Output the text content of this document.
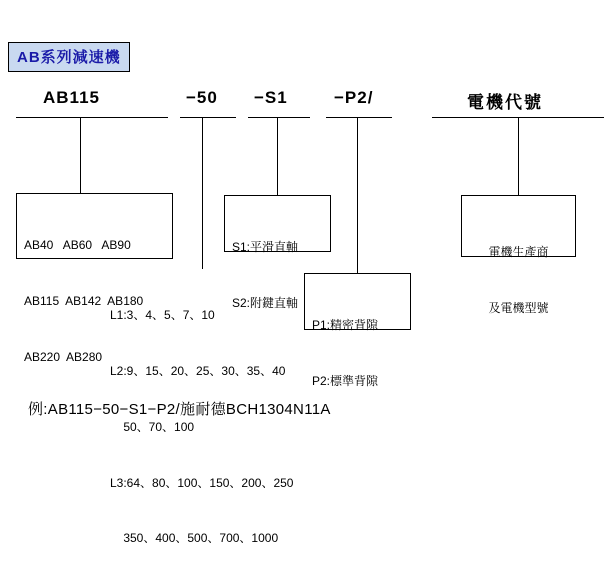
AB系列減速機
AB115	−50 −S1	−P2/	電機代號

AB40   AB60   AB90

AB115  AB142  AB180

AB220  AB280

L1:3、4、5、7、10

L2:9、15、20、25、30、35、40

50、70、100

L3:64、80、100、150、200、250

350、400、500、700、1000

S1:平滑直軸

S2:附鍵直軸

P1:精密背隙

P2:標準背隙

電機生產商

及電機型號

例:AB115−50−S1−P2/施耐德BCH1304N11A
